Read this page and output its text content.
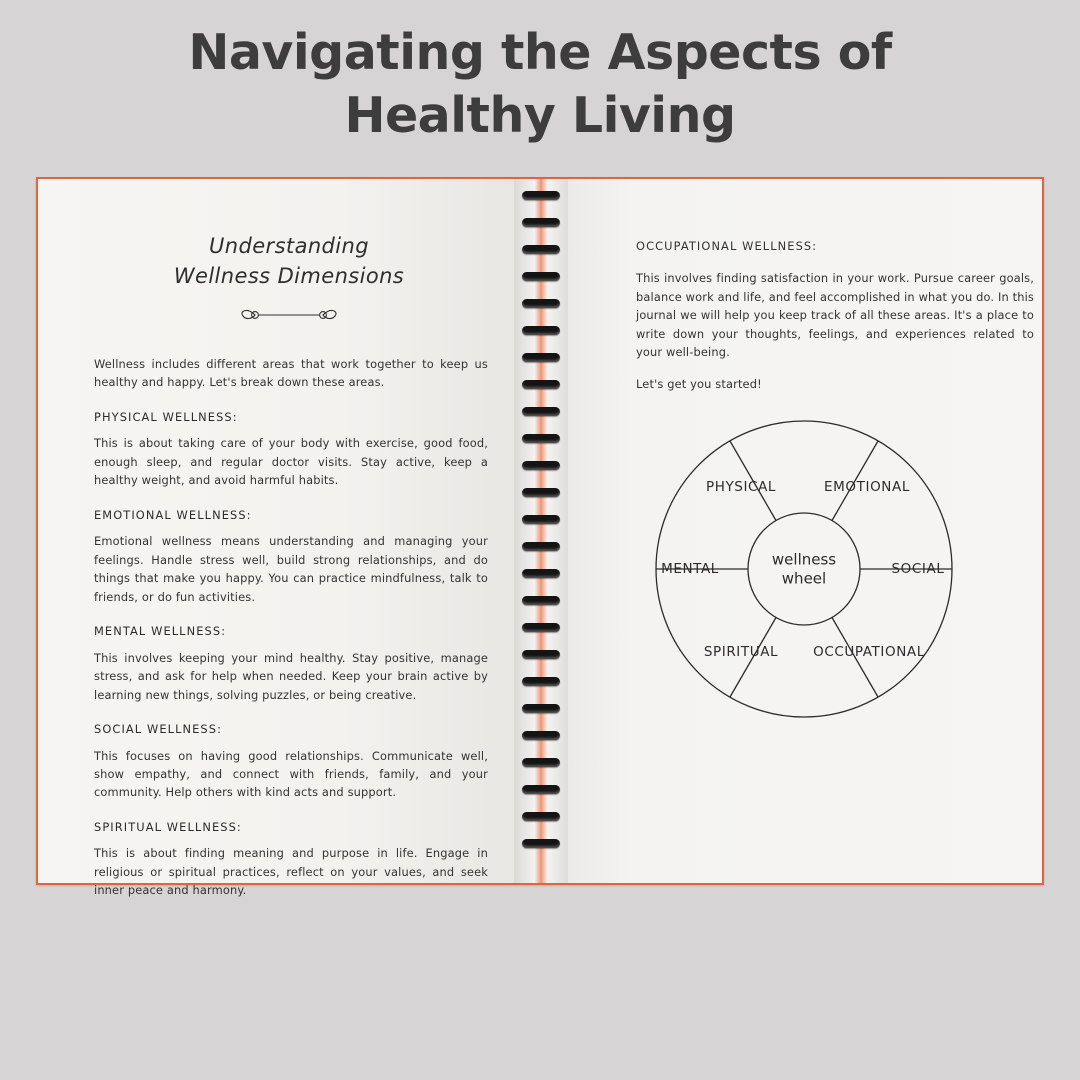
Navigating the Aspects of
Healthy Living
Understanding
Wellness Dimensions

Wellness includes different areas that work together to keep us healthy and happy. Let's break down these areas.

PHYSICAL WELLNESS:

This is about taking care of your body with exercise, good food, enough sleep, and regular doctor visits. Stay active, keep a healthy weight, and avoid harmful habits.

EMOTIONAL WELLNESS:

Emotional wellness means understanding and managing your feelings. Handle stress well, build strong relationships, and do things that make you happy. You can practice mindfulness, talk to friends, or do fun activities.

MENTAL WELLNESS:

This involves keeping your mind healthy. Stay positive, manage stress, and ask for help when needed. Keep your brain active by learning new things, solving puzzles, or being creative.

SOCIAL WELLNESS:

This focuses on having good relationships. Communicate well, show empathy, and connect with friends, family, and your community. Help others with kind acts and support.

SPIRITUAL WELLNESS:

This is about finding meaning and purpose in life. Engage in religious or spiritual practices, reflect on your values, and seek inner peace and harmony.

OCCUPATIONAL WELLNESS:

This involves finding satisfaction in your work. Pursue career goals, balance work and life, and feel accomplished in what you do. In this journal we will help you keep track of all these areas. It's a place to write down your thoughts, feelings, and experiences related to your well-being.

Let's get you started!

wellness
wheel
PHYSICAL	EMOTIONAL
MENTAL	SOCIAL
SPIRITUAL	OCCUPATIONAL
